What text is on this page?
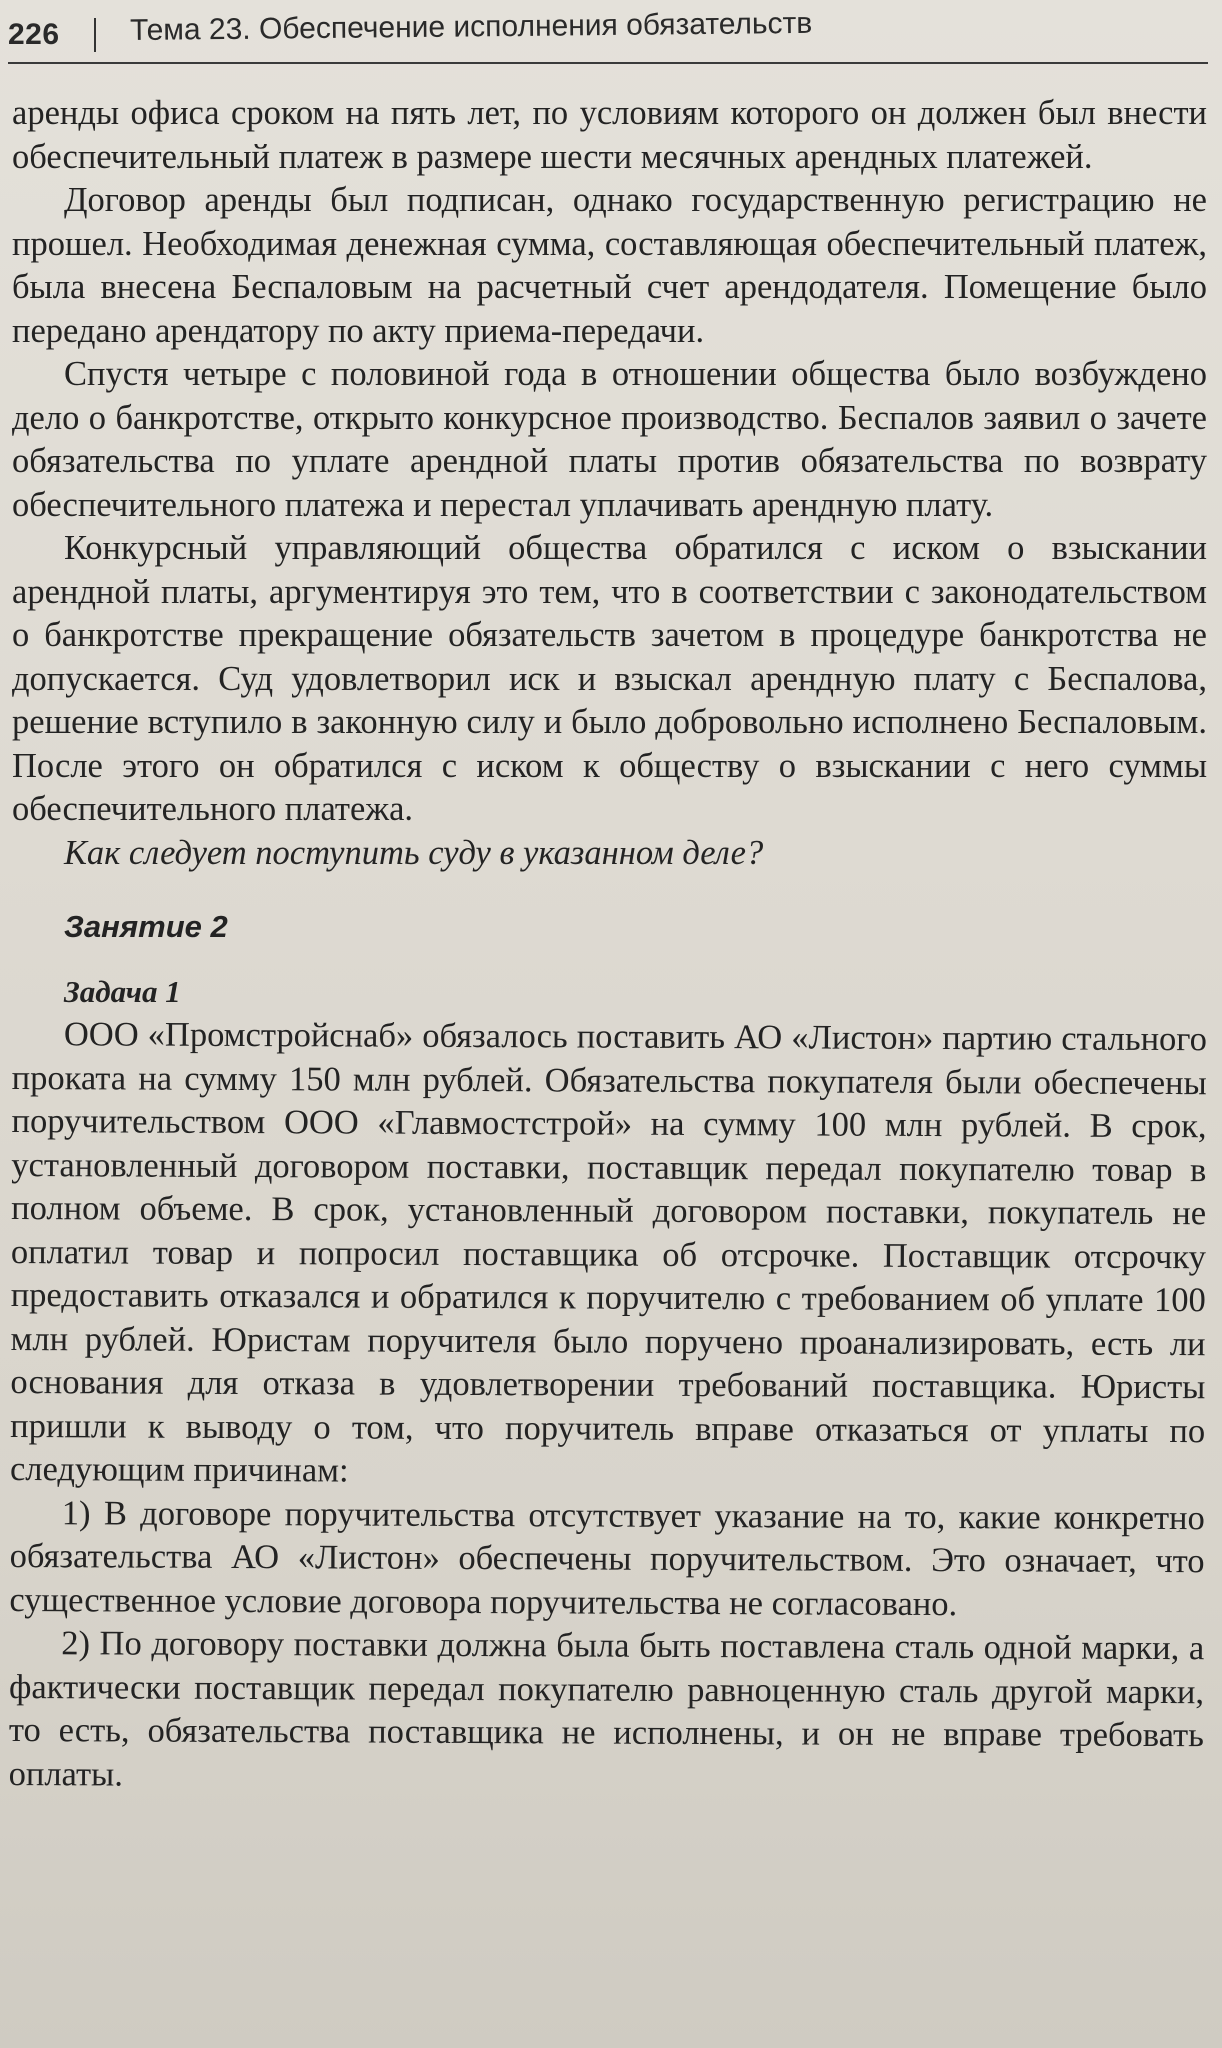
226 Тема 23. Обеспечение исполнения обязательств

аренды офиса сроком на пять лет, по условиям которого он должен был внести обеспечительный платеж в размере шести месячных арендных платежей.

Договор аренды был подписан, однако государственную регистрацию не прошел. Необходимая денежная сумма, составляющая обеспечительный платеж, была внесена Беспаловым на расчетный счет арендодателя. Помещение было передано арендатору по акту приема-передачи.

Спустя четыре с половиной года в отношении общества было возбуждено дело о банкротстве, открыто конкурсное производство. Беспалов заявил о зачете обязательства по уплате арендной платы против обязательства по возврату обеспечительного платежа и перестал уплачивать арендную плату.

Конкурсный управляющий общества обратился с иском о взыскании арендной платы, аргументируя это тем, что в соответствии с законодательством о банкротстве прекращение обязательств зачетом в процедуре банкротства не допускается. Суд удовлетворил иск и взыскал арендную плату с Беспалова, решение вступило в законную силу и было добровольно исполнено Беспаловым. После этого он обратился с иском к обществу о взыскании с него суммы обеспечительного платежа.

Как следует поступить суду в указанном деле?

Занятие 2

Задача 1

ООО «Промстройснаб» обязалось поставить АО «Листон» партию стального проката на сумму 150 млн рублей. Обязательства покупателя были обеспечены поручительством ООО «Главмостстрой» на сумму 100 млн рублей. В срок, установленный договором поставки, поставщик передал покупателю товар в полном объеме. В срок, установленный договором поставки, покупатель не оплатил товар и попросил поставщика об отсрочке. Поставщик отсрочку предоставить отказался и обратился к поручителю с требованием об уплате 100 млн рублей. Юристам поручителя было поручено проанализировать, есть ли основания для отказа в удовлетворении требований поставщика. Юристы пришли к выводу о том, что поручитель вправе отказаться от уплаты по следующим причинам:

1) В договоре поручительства отсутствует указание на то, какие конкретно обязательства АО «Листон» обеспечены поручительством. Это означает, что существенное условие договора поручительства не согласовано.

2) По договору поставки должна была быть поставлена сталь одной марки, а фактически поставщик передал покупателю равноценную сталь другой марки, то есть, обязательства поставщика не исполнены, и он не вправе требовать оплаты.
